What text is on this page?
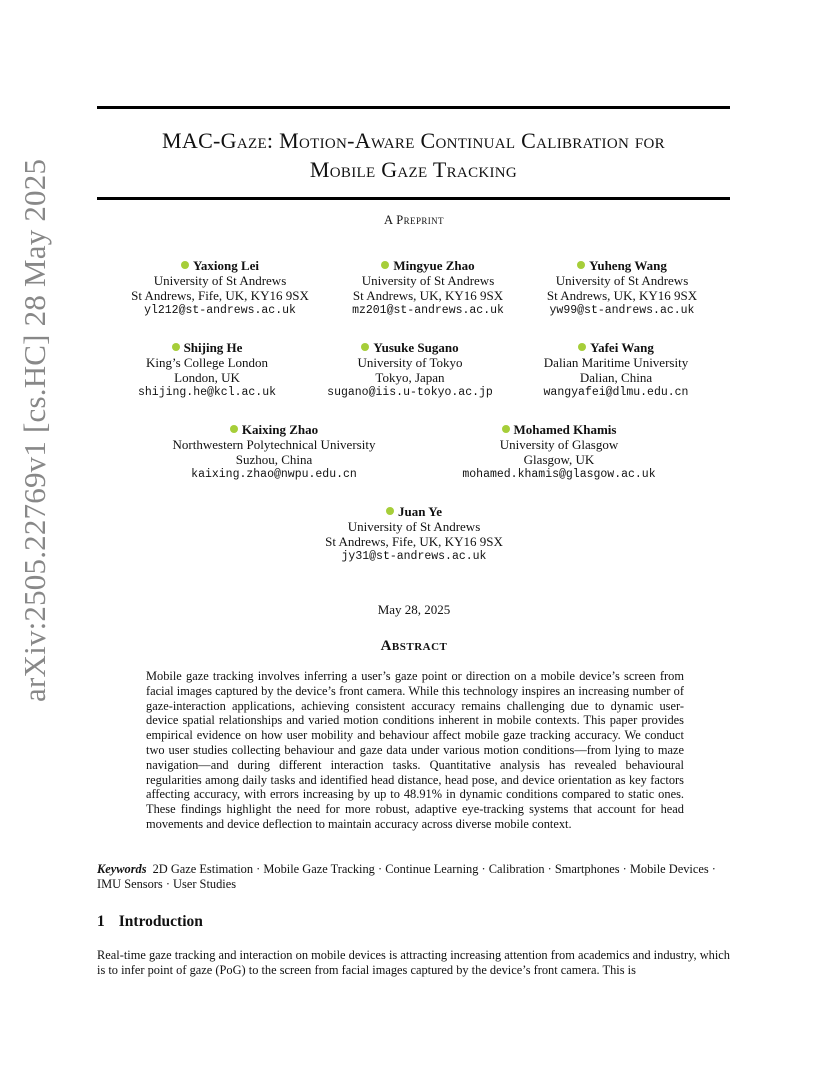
arXiv:2505.22769v1 [cs.HC] 28 May 2025
MAC-Gaze: Motion-Aware Continual Calibration for
Mobile Gaze Tracking
A Preprint
Yaxiong Lei
University of St Andrews
St Andrews, Fife, UK, KY16 9SX
yl212@st-andrews.ac.uk
Mingyue Zhao
University of St Andrews
St Andrews, UK, KY16 9SX
mz201@st-andrews.ac.uk
Yuheng Wang
University of St Andrews
St Andrews, UK, KY16 9SX
yw99@st-andrews.ac.uk
Shijing He
King’s College London
London, UK
shijing.he@kcl.ac.uk
Yusuke Sugano
University of Tokyo
Tokyo, Japan
sugano@iis.u-tokyo.ac.jp
Yafei Wang
Dalian Maritime University
Dalian, China
wangyafei@dlmu.edu.cn
Kaixing Zhao
Northwestern Polytechnical University
Suzhou, China
kaixing.zhao@nwpu.edu.cn
Mohamed Khamis
University of Glasgow
Glasgow, UK
mohamed.khamis@glasgow.ac.uk
Juan Ye
University of St Andrews
St Andrews, Fife, UK, KY16 9SX
jy31@st-andrews.ac.uk
May 28, 2025
Abstract
Mobile gaze tracking involves inferring a user’s gaze point or direction on a mobile device’s screen from facial images captured by the device’s front camera. While this technology inspires an increasing number of gaze-interaction applications, achieving consistent accuracy remains challenging due to dynamic user-device spatial relationships and varied motion conditions inherent in mobile contexts. This paper provides empirical evidence on how user mobility and behaviour affect mobile gaze tracking accuracy. We conduct two user studies collecting behaviour and gaze data under various motion conditions—from lying to maze navigation—and during different interaction tasks. Quantitative analysis has revealed behavioural regularities among daily tasks and identified head distance, head pose, and device orientation as key factors affecting accuracy, with errors increasing by up to 48.91% in dynamic conditions compared to static ones. These findings highlight the need for more robust, adaptive eye-tracking systems that account for head movements and device deflection to maintain accuracy across diverse mobile context.
Keywords 2D Gaze Estimation · Mobile Gaze Tracking · Continue Learning · Calibration · Smartphones · Mobile Devices · IMU Sensors · User Studies
1 Introduction
Real-time gaze tracking and interaction on mobile devices is attracting increasing attention from academics and industry, which is to infer point of gaze (PoG) to the screen from facial images captured by the device’s front camera. This is
